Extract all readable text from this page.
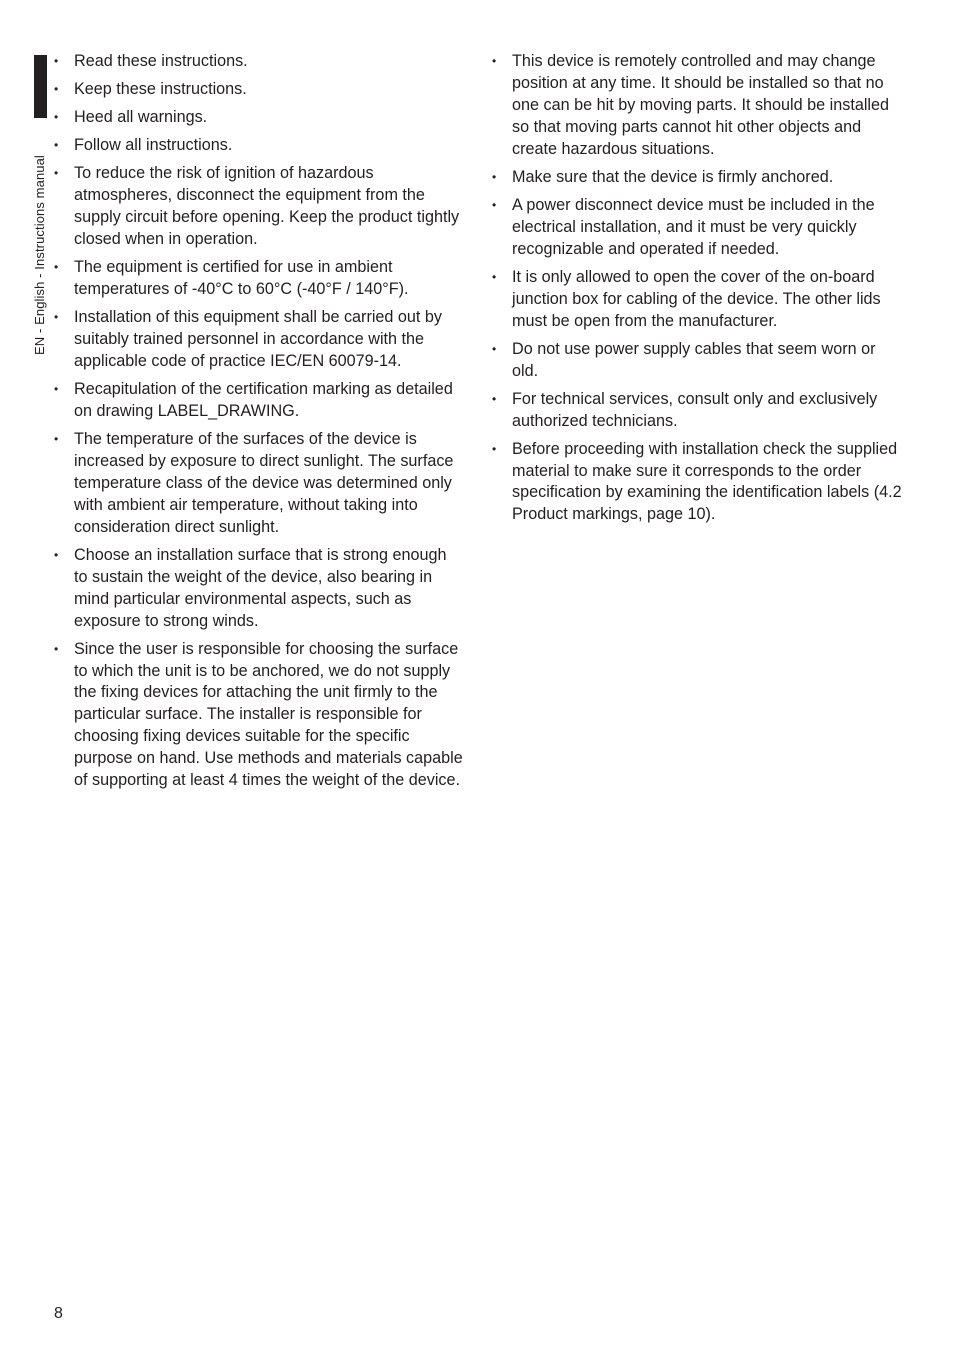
EN - English - Instructions manual
• Read these instructions.
• Keep these instructions.
• Heed all warnings.
• Follow all instructions.
• To reduce the risk of ignition of hazardous atmospheres, disconnect the equipment from the supply circuit before opening. Keep the product tightly closed when in operation.
• The equipment is certified for use in ambient temperatures of -40°C to 60°C (-40°F / 140°F).
• Installation of this equipment shall be carried out by suitably trained personnel in accordance with the applicable code of practice IEC/EN 60079-14.
• Recapitulation of the certification marking as detailed on drawing LABEL_DRAWING.
• The temperature of the surfaces of the device is increased by exposure to direct sunlight. The surface temperature class of the device was determined only with ambient air temperature, without taking into consideration direct sunlight.
• Choose an installation surface that is strong enough to sustain the weight of the device, also bearing in mind particular environmental aspects, such as exposure to strong winds.
• Since the user is responsible for choosing the surface to which the unit is to be anchored, we do not supply the fixing devices for attaching the unit firmly to the particular surface. The installer is responsible for choosing fixing devices suitable for the specific purpose on hand. Use methods and materials capable of supporting at least 4 times the weight of the device.
• This device is remotely controlled and may change position at any time. It should be installed so that no one can be hit by moving parts. It should be installed so that moving parts cannot hit other objects and create hazardous situations.
• Make sure that the device is firmly anchored.
• A power disconnect device must be included in the electrical installation, and it must be very quickly recognizable and operated if needed.
• It is only allowed to open the cover of the on-board junction box for cabling of the device. The other lids must be open from the manufacturer.
• Do not use power supply cables that seem worn or old.
• For technical services, consult only and exclusively authorized technicians.
• Before proceeding with installation check the supplied material to make sure it corresponds to the order specification by examining the identification labels (4.2 Product markings, page 10).
8
